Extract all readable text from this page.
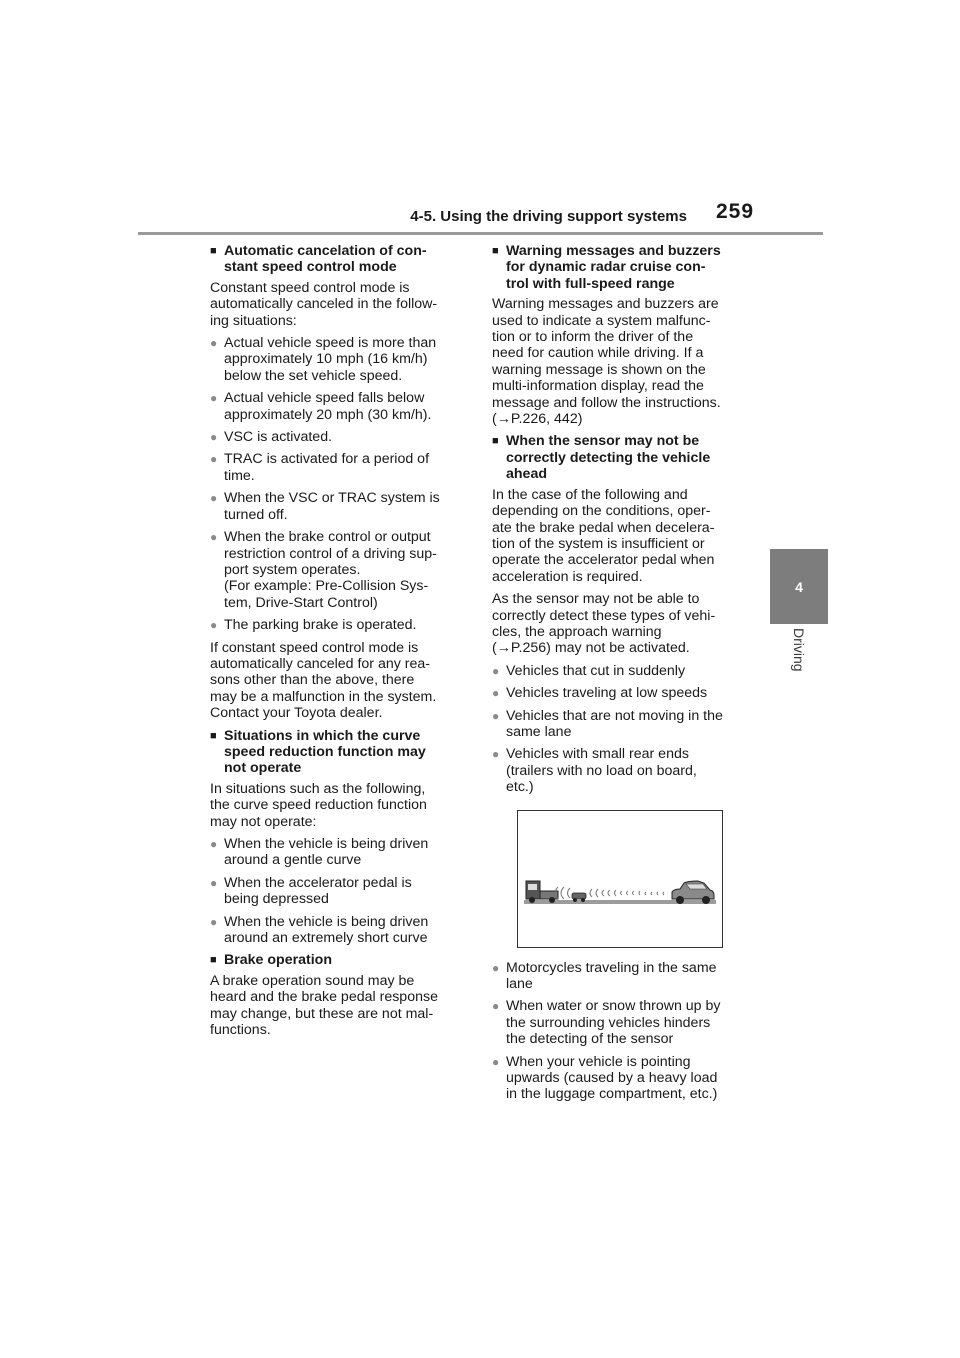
4-5. Using the driving support systems 259
4
Driving
■ Automatic cancelation of con-
stant speed control mode
Constant speed control mode is
automatically canceled in the follow-
ing situations:
● Actual vehicle speed is more than
approximately 10 mph (16 km/h)
below the set vehicle speed.
● Actual vehicle speed falls below
approximately 20 mph (30 km/h).
● VSC is activated.
● TRAC is activated for a period of
time.
● When the VSC or TRAC system is
turned off.
● When the brake control or output
restriction control of a driving sup-
port system operates.
(For example: Pre-Collision Sys-
tem, Drive-Start Control)
● The parking brake is operated.
If constant speed control mode is
automatically canceled for any rea-
sons other than the above, there
may be a malfunction in the system.
Contact your Toyota dealer.
■ Situations in which the curve
speed reduction function may
not operate
In situations such as the following,
the curve speed reduction function
may not operate:
● When the vehicle is being driven
around a gentle curve
● When the accelerator pedal is
being depressed
● When the vehicle is being driven
around an extremely short curve
■ Brake operation
A brake operation sound may be
heard and the brake pedal response
may change, but these are not mal-
functions.
■ Warning messages and buzzers
for dynamic radar cruise con-
trol with full-speed range
Warning messages and buzzers are
used to indicate a system malfunc-
tion or to inform the driver of the
need for caution while driving. If a
warning message is shown on the
multi-information display, read the
message and follow the instructions.
(→P.226, 442)
■ When the sensor may not be
correctly detecting the vehicle
ahead
In the case of the following and
depending on the conditions, oper-
ate the brake pedal when decelera-
tion of the system is insufficient or
operate the accelerator pedal when
acceleration is required.
As the sensor may not be able to
correctly detect these types of vehi-
cles, the approach warning
(→P.256) may not be activated.
● Vehicles that cut in suddenly
● Vehicles traveling at low speeds
● Vehicles that are not moving in the
same lane
● Vehicles with small rear ends
(trailers with no load on board,
etc.)
● Motorcycles traveling in the same
lane
● When water or snow thrown up by
the surrounding vehicles hinders
the detecting of the sensor
● When your vehicle is pointing
upwards (caused by a heavy load
in the luggage compartment, etc.)
